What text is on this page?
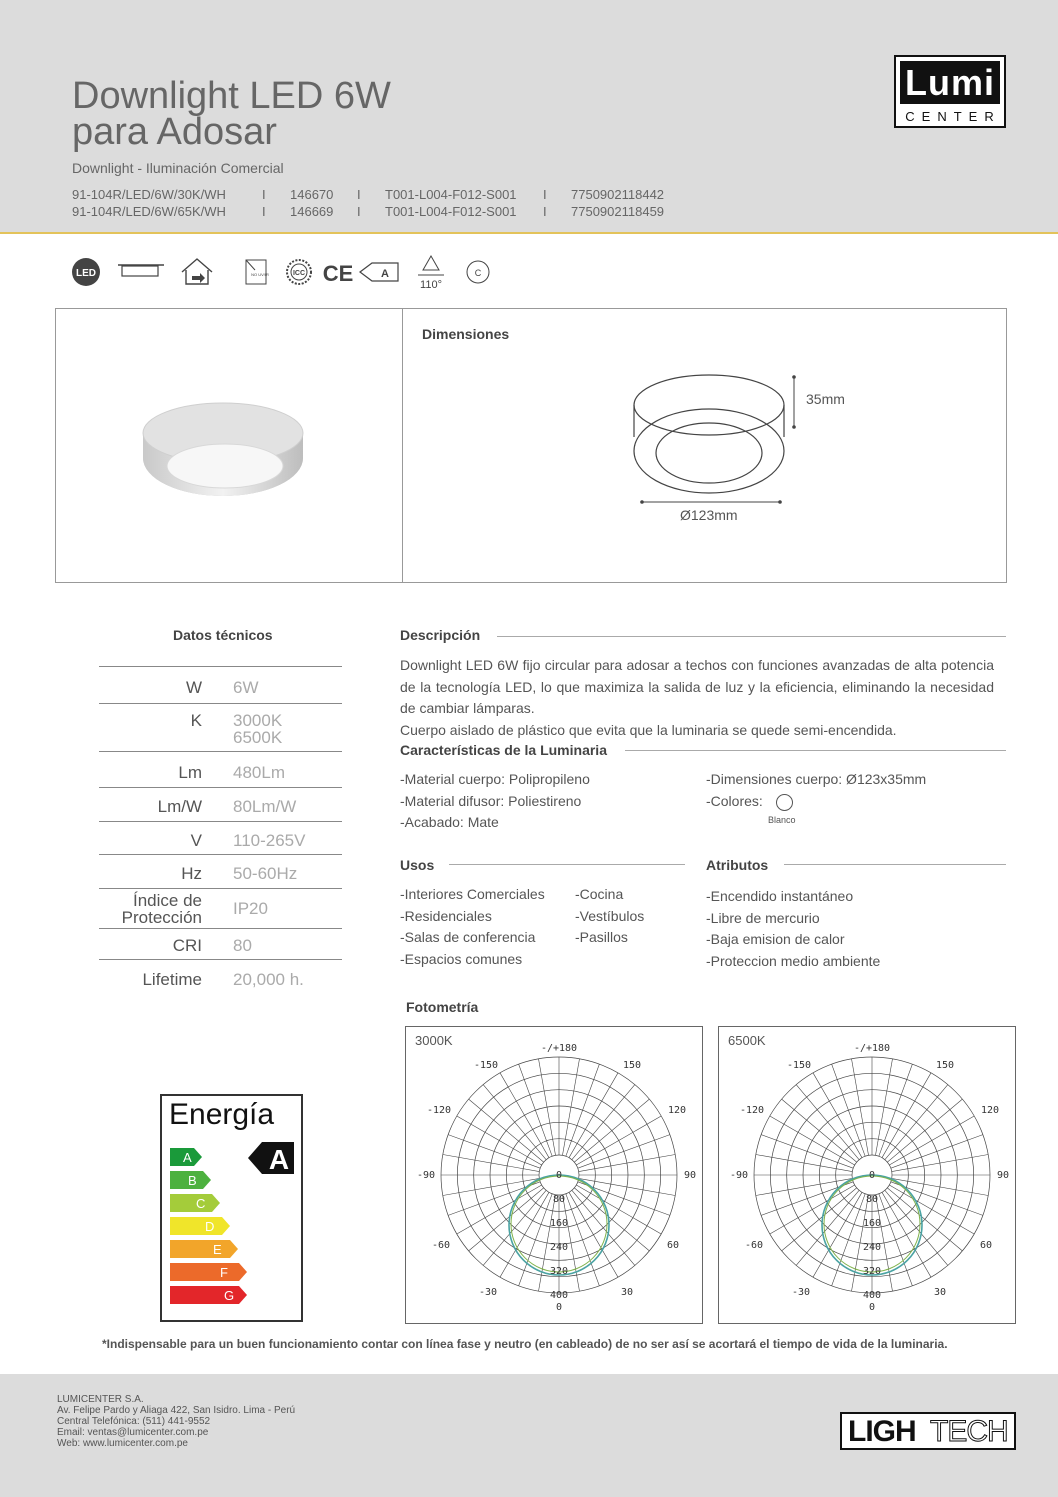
Downlight LED 6W
para Adosar
Downlight - Iluminación Comercial
91-104R/LED/6W/30K/WH	I 146670 I T001-L004-F012-S001 I 7750902118442
91-104R/LED/6W/65K/WH	I 146669 I T001-L004-F012-S001 I 7750902118459
Lumi
CENTER
LED	NO UV/IR	ICC CE	A
110°
C
Dimensiones
35mm
Ø123mm
Datos técnicos
W 6W
K 3000K
6500K
Lm 480Lm
Lm/W 80Lm/W
V 110-265V
Hz 50-60Hz
Índice de
Protección IP20
CRI 80
Lifetime 20,000 h.
Descripción
Downlight LED 6W fijo circular para adosar a techos con funciones avanzadas de alta potencia de la tecnología LED, lo que maximiza la salida de luz y la eficiencia, eliminando la necesidad de cambiar lámparas.
Cuerpo aislado de plástico que evita que la luminaria se quede semi-encendida.
Características de la Luminaria
-Material cuerpo: Polipropileno
-Material difusor: Poliestireno
-Acabado: Mate
-Dimensiones cuerpo: Ø123x35mm
-Colores:
Blanco
Usos
-Interiores Comerciales
-Residenciales
-Salas de conferencia
-Espacios comunes
-Cocina
-Vestíbulos
-Pasillos
Atributos
-Encendido instantáneo
-Libre de mercurio
-Baja emision de calor
-Proteccion medio ambiente
Fotometría
3000K
-/+180
-150	150
-120	120
-90	90
-60	60
-30	30
0
0
80
160
240
320
400
6500K
-/+180
-150	150
-120	120
-90	90
-60	60
-30	30
0
0
80
160
240
320
400
Energía
A
B
C
D
E
F
G
A
*Indispensable para un buen funcionamiento contar con línea fase y neutro (en cableado) de no ser así se acortará el tiempo de vida de la luminaria.
LUMICENTER S.A.
Av. Felipe Pardo y Aliaga 422, San Isidro. Lima - Perú
Central Telefónica: (511) 441-9552
Email: ventas@lumicenter.com.pe
Web: www.lumicenter.com.pe	LIGH TECH
